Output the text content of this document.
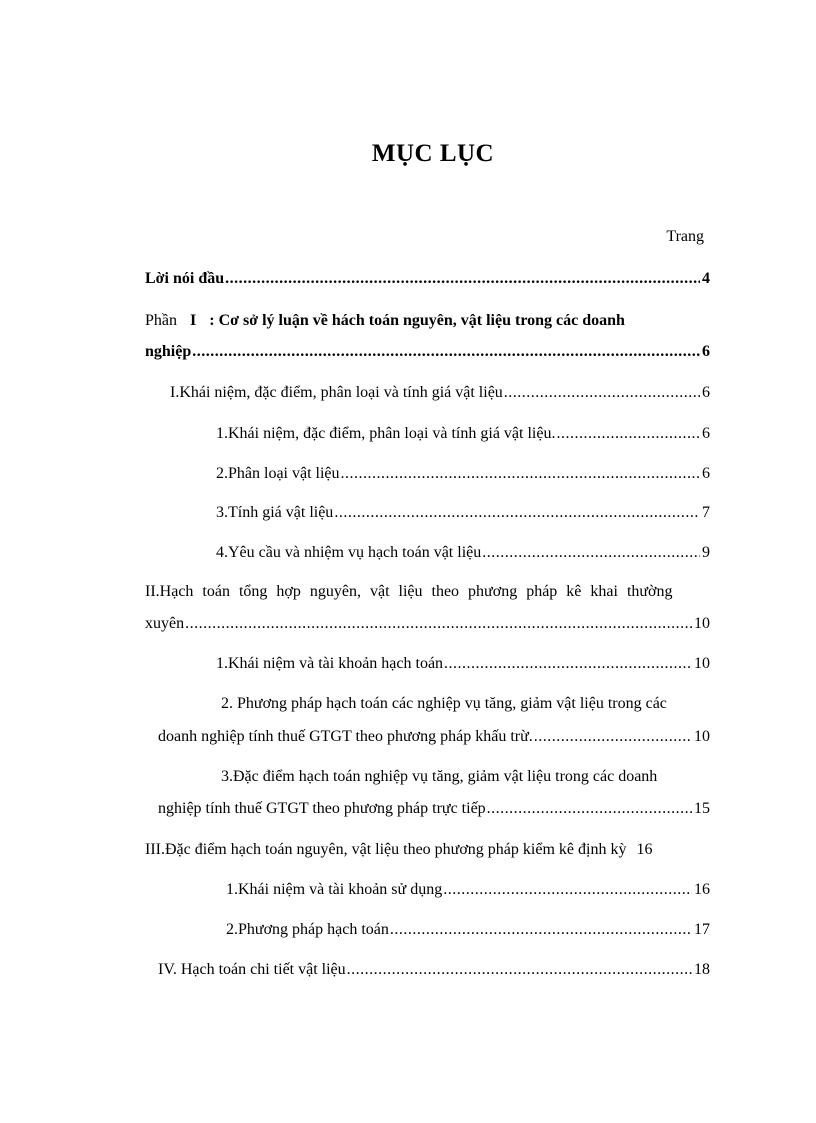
MỤC LỤC
Trang
Lời nói đầu .....	4
Phần I : Cơ sở lý luận về hách toán nguyên, vật liệu trong các doanh
nghiệp .....	6
I. Khái niệm, đặc điểm, phân loại và tính giá vật liệu .....	6
1.Khái niệm, đặc điểm, phân loại và tính giá vật liệu. .....	6
2.Phân loại vật liệu .....	6
3.Tính giá vật liệu .....	7
4.Yêu cầu và nhiệm vụ hạch toán vật liệu .....	9
II.Hạch toán tổng hợp nguyên, vật liệu theo phương pháp kê khai thường
xuyên .....	10
1.Khái niệm và tài khoản hạch toán .....	10
2. Phương pháp hạch toán các nghiệp vụ tăng, giảm vật liệu trong các
doanh nghiệp tính thuế GTGT theo phương pháp khấu trừ. .....	10
3.Đặc điểm hạch toán nghiệp vụ tăng, giảm vật liệu trong các doanh
nghiệp tính thuế GTGT theo phương pháp trực tiếp .....	15
III.Đặc điểm hạch toán nguyên, vật liệu theo phương pháp kiểm kê định kỳ 16
1. Khái niệm và tài khoản sử dụng .....	16
2. Phương pháp hạch toán .....	17
IV. Hạch toán chi tiết vật liệu .....	18
